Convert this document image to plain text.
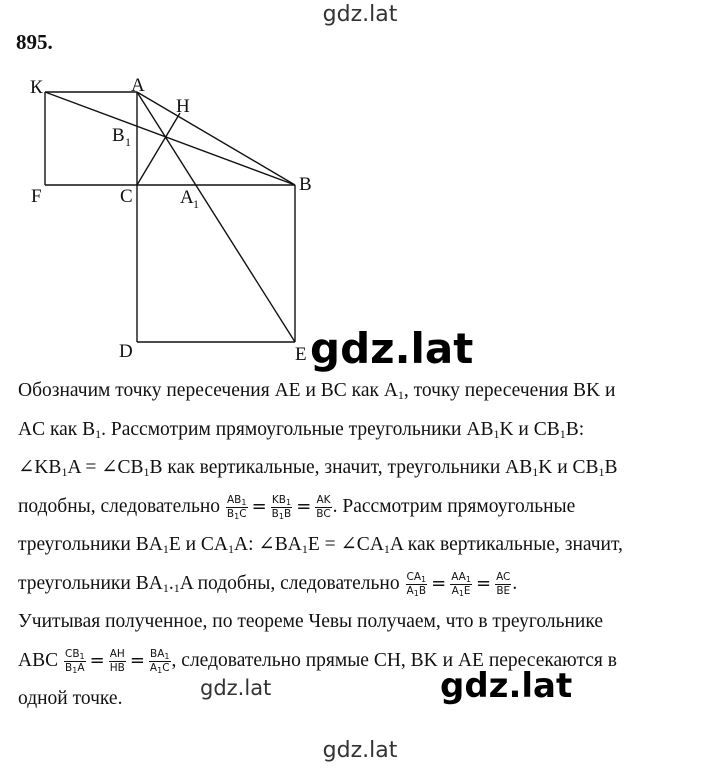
gdz.lat
895.
К	A
H
B 1
F	C A 1
B
D	E gdz.lat
Обозначим точку пересечения AE и BC как $A_1$, точку пересечения BK и
AC как $B_1$. Рассмотрим прямоугольные треугольники $AB_1K$ и $CB_1B$:
$\angle KB_1A$ = $\angle CB_1B$ как вертикальные, значит, треугольники $AB_1K$ и $CB_1B$
подобны, следовательно $\frac{AB_1}{B_1C} = \frac{KB_1}{B_1B} = \frac{AK}{BC}$ . Рассмотрим прямоугольные
треугольники $BA_1E$ и $CA_1A$: $\angle BA_1E$ = $\angle CA_1A$ как вертикальные, значит,
треугольники $BA_1._1A$ подобны, следовательно $\frac{CA_1}{A_1B} = \frac{AA_1}{A_1E} = \frac{AC}{BE}$ .
Учитывая полученное, по теореме Чевы получаем, что в треугольнике
ABC $\frac{CB_1}{B_1A} = \frac{AH}{HB} = \frac{BA_1}{A_1C}$ , следовательно прямые CH, BK и AE пересекаются в
одной точке.	gdz.lat	gdz.lat
gdz.lat
